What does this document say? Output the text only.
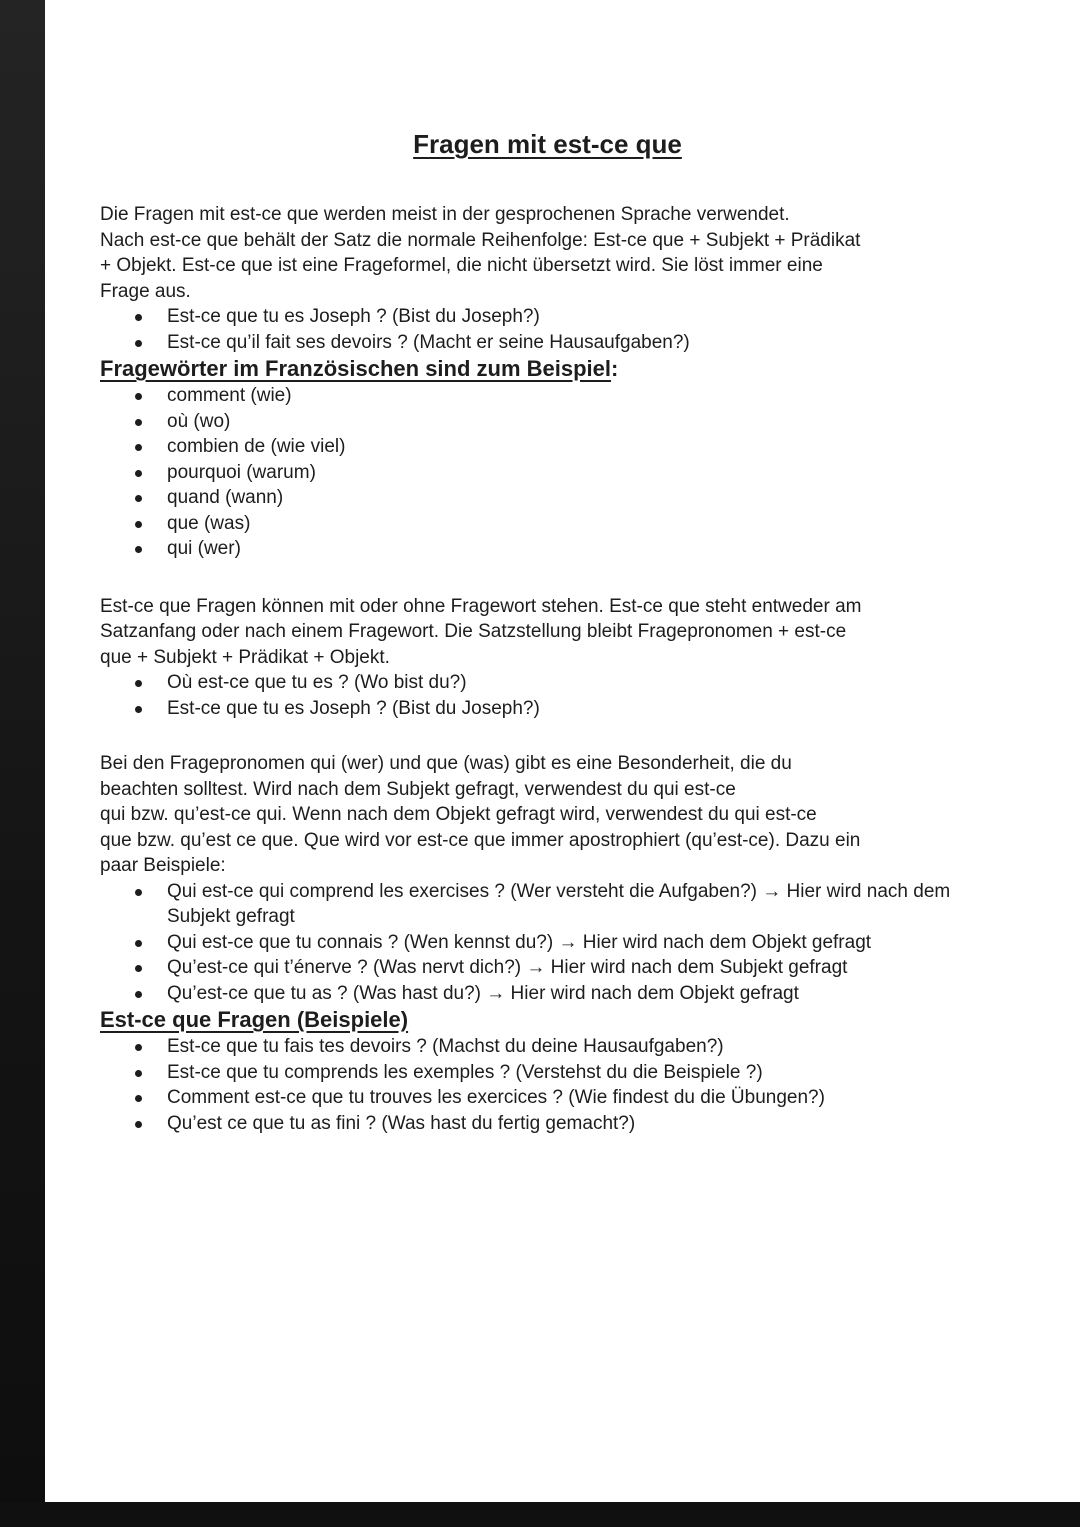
Fragen mit est-ce que

Die Fragen mit est-ce que werden meist in der gesprochenen Sprache verwendet.
Nach est-ce que behält der Satz die normale Reihenfolge: Est-ce que + Subjekt + Prädikat
+ Objekt. Est-ce que ist eine Frageformel, die nicht übersetzt wird. Sie löst immer eine
Frage aus.

Est-ce que tu es Joseph ? (Bist du Joseph?)
Est-ce qu’il fait ses devoirs ? (Macht er seine Hausaufgaben?)
Fragewörter im Französischen sind zum Beispiel:
comment (wie)
où (wo)
combien de (wie viel)
pourquoi (warum)
quand (wann)
que (was)
qui (wer)

Est-ce que Fragen können mit oder ohne Fragewort stehen. Est-ce que steht entweder am
Satzanfang oder nach einem Fragewort. Die Satzstellung bleibt Fragepronomen + est-ce
que + Subjekt + Prädikat + Objekt.

Où est-ce que tu es ? (Wo bist du?)
Est-ce que tu es Joseph ? (Bist du Joseph?)

Bei den Fragepronomen qui (wer) und que (was) gibt es eine Besonderheit, die du
beachten solltest. Wird nach dem Subjekt gefragt, verwendest du qui est-ce
qui bzw. qu’est-ce qui. Wenn nach dem Objekt gefragt wird, verwendest du qui est-ce
que bzw. qu’est ce que. Que wird vor est-ce que immer apostrophiert (qu’est-ce). Dazu ein
paar Beispiele:

Qui est-ce qui comprend les exercises ? (Wer versteht die Aufgaben?) → Hier wird nach dem Subjekt gefragt
Qui est-ce que tu connais ? (Wen kennst du?) → Hier wird nach dem Objekt gefragt
Qu’est-ce qui t’énerve ? (Was nervt dich?) → Hier wird nach dem Subjekt gefragt
Qu’est-ce que tu as ? (Was hast du?) → Hier wird nach dem Objekt gefragt
Est-ce que Fragen (Beispiele)
Est-ce que tu fais tes devoirs ? (Machst du deine Hausaufgaben?)
Est-ce que tu comprends les exemples ? (Verstehst du die Beispiele ?)
Comment est-ce que tu trouves les exercices ? (Wie findest du die Übungen?)
Qu’est ce que tu as fini ? (Was hast du fertig gemacht?)
